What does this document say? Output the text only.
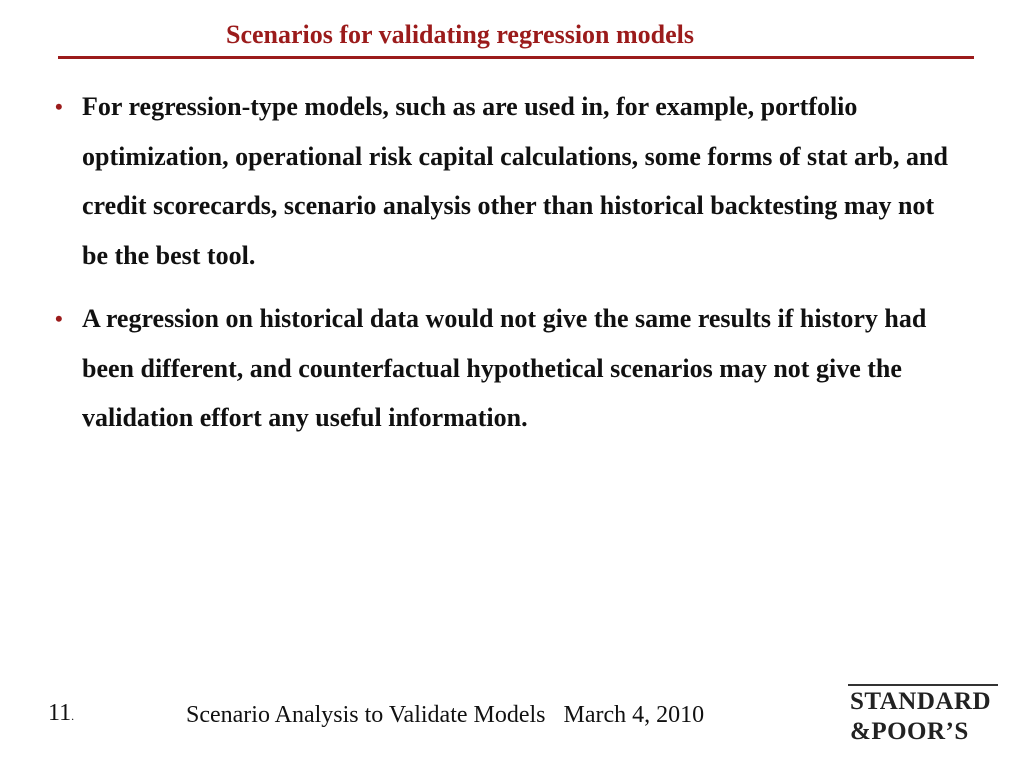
Scenarios for validating regression models
• For regression-type models, such as are used in, for example, portfolio optimization, operational risk capital calculations, some forms of stat arb, and credit scorecards, scenario analysis other than historical backtesting may not be the best tool.
• A regression on historical data would not give the same results if history had been different, and counterfactual hypothetical scenarios may not give the validation effort any useful information.
11.	Scenario Analysis to Validate Models   March 4, 2010	STANDARD
&POOR’S
